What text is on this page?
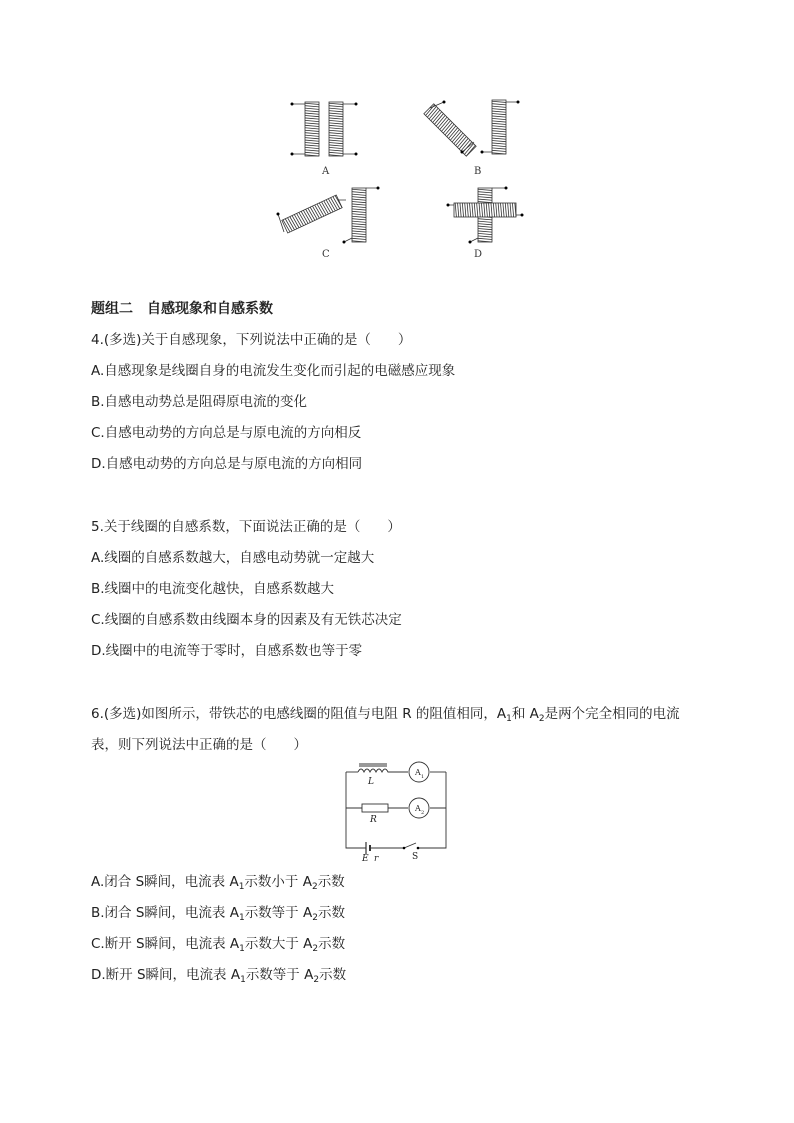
A	B
C	D
题组二　自感现象和自感系数
4.(多选)关于自感现象，下列说法中正确的是（　　）
A.自感现象是线圈自身的电流发生变化而引起的电磁感应现象
B.自感电动势总是阻碍原电流的变化
C.自感电动势的方向总是与原电流的方向相反
D.自感电动势的方向总是与原电流的方向相同
5.关于线圈的自感系数，下面说法正确的是（　　）
A.线圈的自感系数越大，自感电动势就一定越大
B.线圈中的电流变化越快，自感系数越大
C.线圈的自感系数由线圈本身的因素及有无铁芯决定
D.线圈中的电流等于零时，自感系数也等于零
6.(多选)如图所示，带铁芯的电感线圈的阻值与电阻 R 的阻值相同，$A_1$和 $A_2$是两个完全相同的电流
表，则下列说法中正确的是（　　）
L
R
E r	S
A 1
A 2
A.闭合 S瞬间，电流表 $A_1$示数小于 $A_2$示数
B.闭合 S瞬间，电流表 $A_1$示数等于 $A_2$示数
C.断开 S瞬间，电流表 $A_1$示数大于 $A_2$示数
D.断开 S瞬间，电流表 $A_1$示数等于 $A_2$示数
